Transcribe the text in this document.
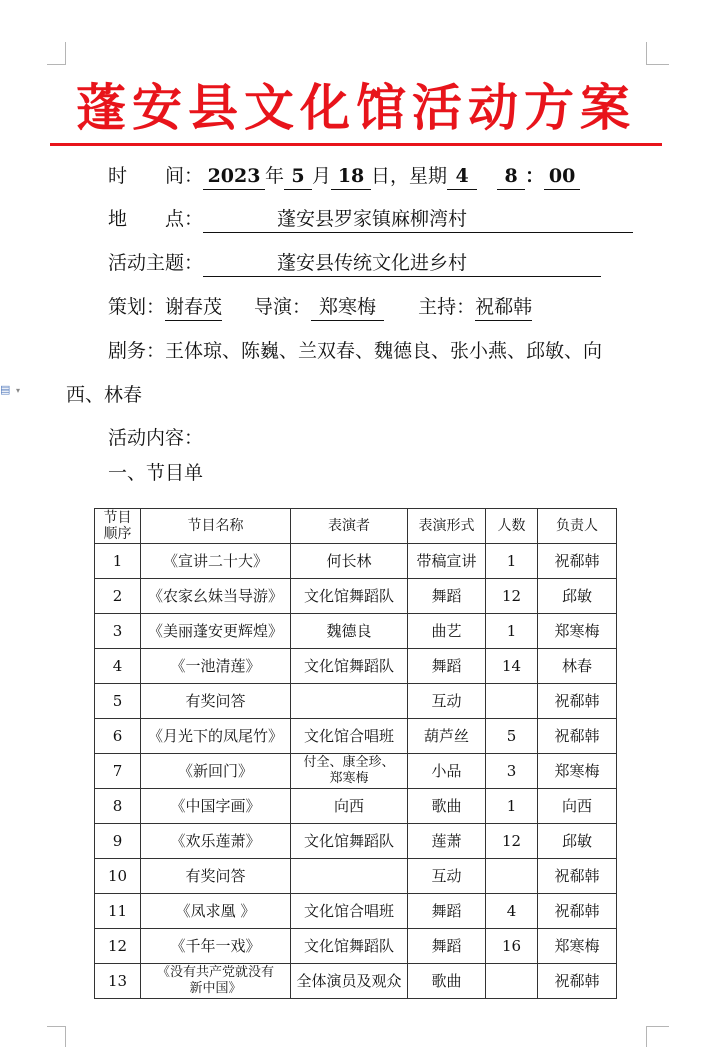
蓬安县文化馆活动方案
时　　间： 2023 年 5 月 18 日，星期 4 8 ： 00
地　　点：	蓬安县罗家镇麻柳湾村
活动主题：	蓬安县传统文化进乡村
策划：谢春茂 导演： 郑寒梅 主持：祝郗韩
剧务：王体琼、陈巍、兰双春、魏德良、张小燕、邱敏、向
▤ ▾ 西、林春
活动内容：
一、节目单
节目
顺序	节目名称	表演者	表演形式	人数	负责人
1	《宣讲二十大》	何长林	带稿宣讲	1	祝郗韩
2	《农家幺妹当导游》	文化馆舞蹈队	舞蹈	12	邱敏
3	《美丽蓬安更辉煌》	魏德良	曲艺	1	郑寒梅
4	《一池清莲》	文化馆舞蹈队	舞蹈	14	林春
5	有奖问答		互动		祝郗韩
6	《月光下的凤尾竹》	文化馆合唱班	葫芦丝	5	祝郗韩
7	《新回门》	付全、康全珍、
郑寒梅	小品	3	郑寒梅
8	《中国字画》	向西	歌曲	1	向西
9	《欢乐莲萧》	文化馆舞蹈队	莲萧	12	邱敏
10	有奖问答		互动		祝郗韩
11	《凤求凰 》	文化馆合唱班	舞蹈	4	祝郗韩
12	《千年一戏》	文化馆舞蹈队	舞蹈	16	郑寒梅
13	《没有共产党就没有
新中国》	全体演员及观众	歌曲		祝郗韩
